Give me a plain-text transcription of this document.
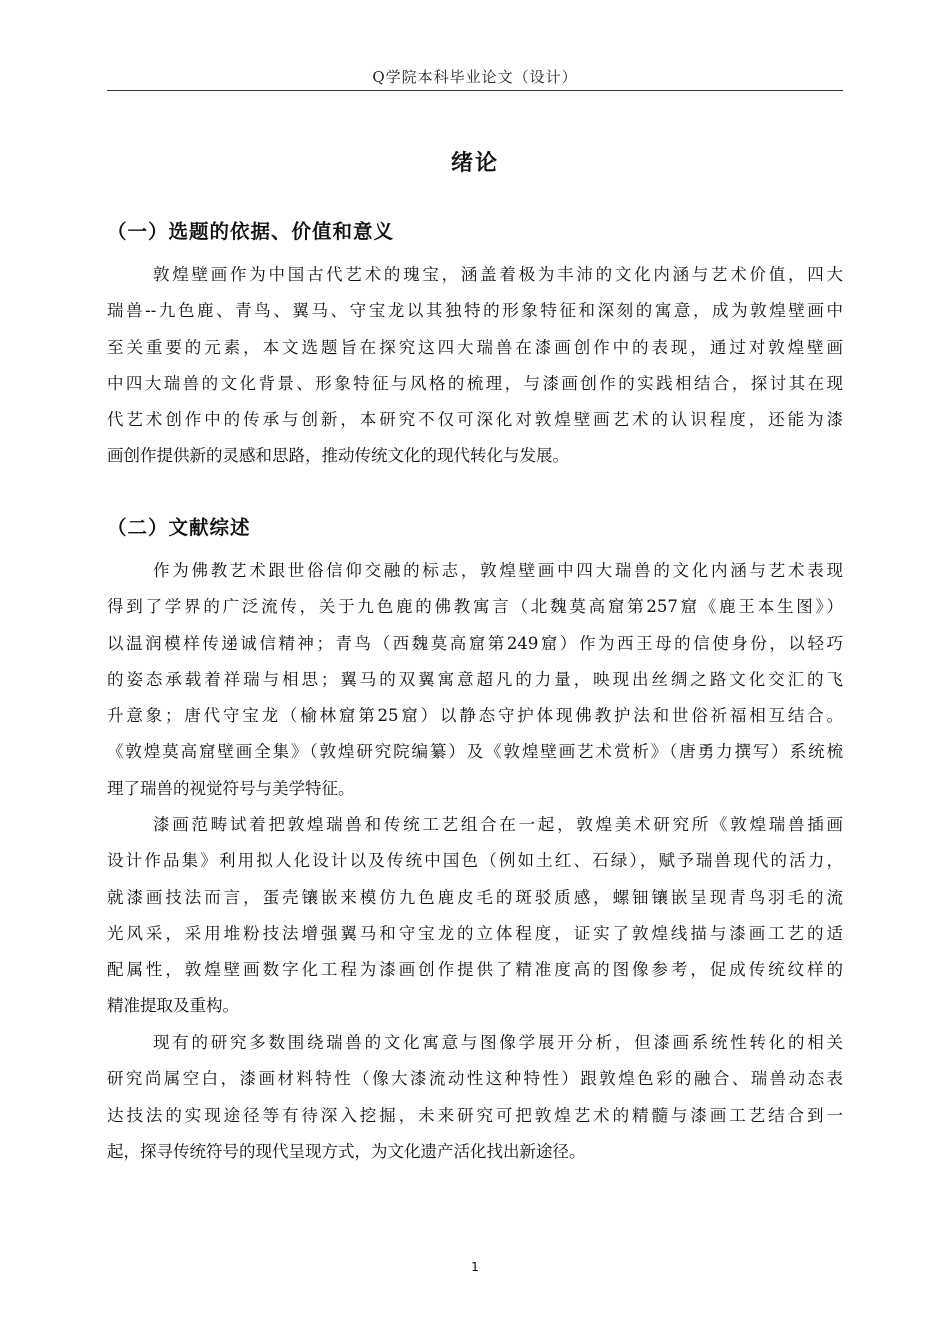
Q学院本科毕业论文（设计）
绪论
（一）选题的依据、价值和意义
敦煌壁画作为中国古代艺术的瑰宝，涵盖着极为丰沛的文化内涵与艺术价值，四大
瑞兽--九色鹿、青鸟、翼马、守宝龙以其独特的形象特征和深刻的寓意，成为敦煌壁画中
至关重要的元素，本文选题旨在探究这四大瑞兽在漆画创作中的表现，通过对敦煌壁画
中四大瑞兽的文化背景、形象特征与风格的梳理，与漆画创作的实践相结合，探讨其在现
代艺术创作中的传承与创新，本研究不仅可深化对敦煌壁画艺术的认识程度，还能为漆
画创作提供新的灵感和思路，推动传统文化的现代转化与发展。
（二）文献综述
作为佛教艺术跟世俗信仰交融的标志，敦煌壁画中四大瑞兽的文化内涵与艺术表现
得到了学界的广泛流传，关于九色鹿的佛教寓言（北魏莫高窟第257窟《鹿王本生图》）
以温润模样传递诚信精神；青鸟（西魏莫高窟第249窟）作为西王母的信使身份，以轻巧
的姿态承载着祥瑞与相思；翼马的双翼寓意超凡的力量，映现出丝绸之路文化交汇的飞
升意象；唐代守宝龙（榆林窟第25窟）以静态守护体现佛教护法和世俗祈福相互结合。
《敦煌莫高窟壁画全集》（敦煌研究院编纂）及《敦煌壁画艺术赏析》（唐勇力撰写）系统梳
理了瑞兽的视觉符号与美学特征。
漆画范畴试着把敦煌瑞兽和传统工艺组合在一起，敦煌美术研究所《敦煌瑞兽插画
设计作品集》利用拟人化设计以及传统中国色（例如土红、石绿），赋予瑞兽现代的活力，
就漆画技法而言，蛋壳镶嵌来模仿九色鹿皮毛的斑驳质感，螺钿镶嵌呈现青鸟羽毛的流
光风采，采用堆粉技法增强翼马和守宝龙的立体程度，证实了敦煌线描与漆画工艺的适
配属性，敦煌壁画数字化工程为漆画创作提供了精准度高的图像参考，促成传统纹样的
精准提取及重构。
现有的研究多数围绕瑞兽的文化寓意与图像学展开分析，但漆画系统性转化的相关
研究尚属空白，漆画材料特性（像大漆流动性这种特性）跟敦煌色彩的融合、瑞兽动态表
达技法的实现途径等有待深入挖掘，未来研究可把敦煌艺术的精髓与漆画工艺结合到一
起，探寻传统符号的现代呈现方式，为文化遗产活化找出新途径。
1
